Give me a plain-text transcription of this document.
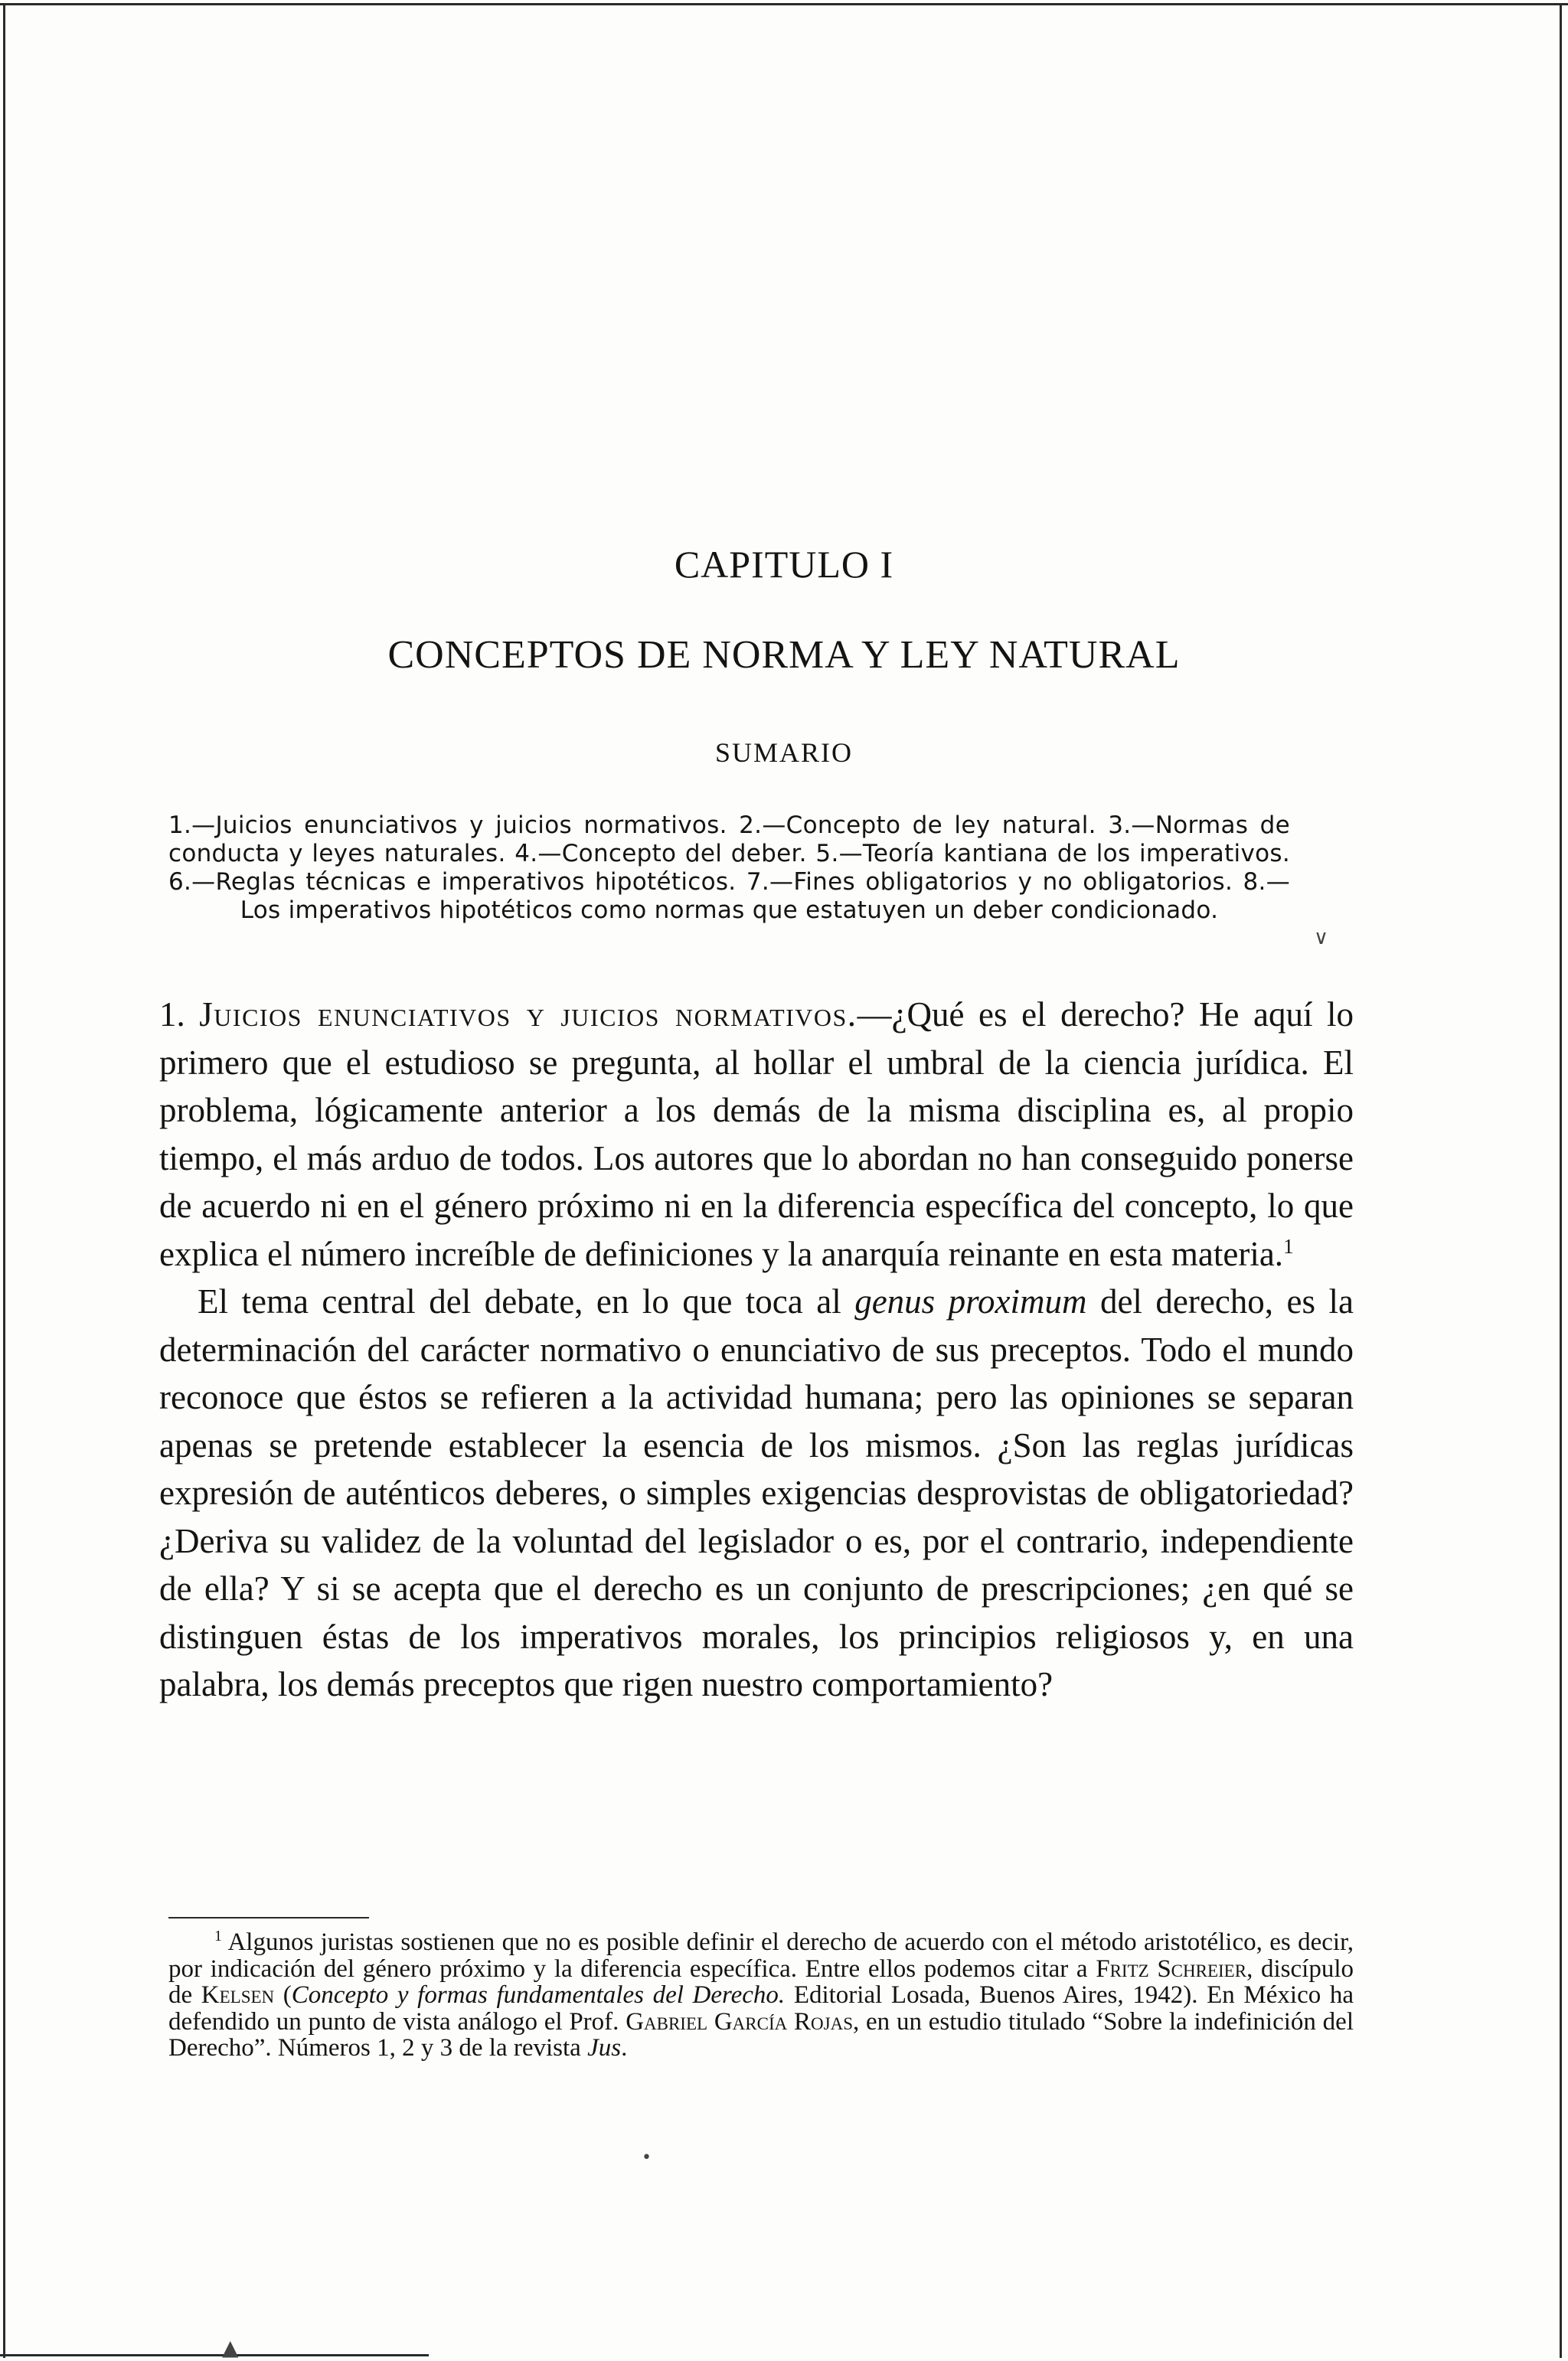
CAPITULO I
CONCEPTOS DE NORMA Y LEY NATURAL
SUMARIO
1.—Juicios enunciativos y juicios normativos. 2.—Concepto de ley natural. 3.—Normas de conducta y leyes naturales. 4.—Concepto del deber. 5.—Teoría kantiana de los imperativos. 6.—Reglas técnicas e imperativos hipotéticos. 7.—Fines obligatorios y no obligatorios. 8.—Los imperativos hipotéticos como normas que estatuyen un deber condicionado.
∨

1. Juicios enunciativos y juicios normativos.—¿Qué es el derecho? He aquí lo primero que el estudioso se pregunta, al hollar el umbral de la ciencia jurídica. El problema, lógicamente anterior a los demás de la misma disciplina es, al propio tiempo, el más arduo de todos. Los autores que lo abordan no han conseguido ponerse de acuerdo ni en el género próximo ni en la diferencia específica del concepto, lo que explica el número increíble de definiciones y la anarquía reinante en esta materia.$^1$

El tema central del debate, en lo que toca al genus proximum del derecho, es la determinación del carácter normativo o enunciativo de sus preceptos. Todo el mundo reconoce que éstos se refieren a la actividad humana; pero las opiniones se separan apenas se pretende establecer la esencia de los mismos. ¿Son las reglas jurídicas expresión de auténticos deberes, o simples exigencias desprovistas de obligatoriedad? ¿Deriva su validez de la voluntad del legislador o es, por el contrario, independiente de ella? Y si se acepta que el derecho es un conjunto de prescripciones; ¿en qué se distinguen éstas de los imperativos morales, los principios religiosos y, en una palabra, los demás preceptos que rigen nuestro comportamiento?

$^1$ Algunos juristas sostienen que no es posible definir el derecho de acuerdo con el método aristotélico, es decir, por indicación del género próximo y la diferencia específica. Entre ellos podemos citar a Fritz Schreier, discípulo de Kelsen (Concepto y formas fundamentales del Derecho. Editorial Losada, Buenos Aires, 1942). En México ha defendido un punto de vista análogo el Prof. Gabriel García Rojas, en un estudio titulado “Sobre la indefinición del Derecho”. Números 1, 2 y 3 de la revista Jus.
•
▲
